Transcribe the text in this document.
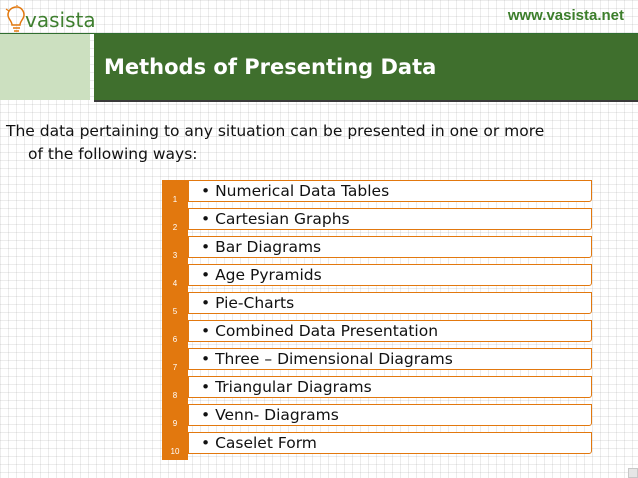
vasista	www.vasista.net
Methods of Presenting Data

The data pertaining to any situation can be presented in one or more
of the following ways:

• Numerical Data Tables
1
• Cartesian Graphs
2
• Bar Diagrams
3
• Age Pyramids
4
• Pie-Charts
5
• Combined Data Presentation
6
• Three – Dimensional Diagrams
7
• Triangular Diagrams
8
• Venn- Diagrams
9
• Caselet Form
10
